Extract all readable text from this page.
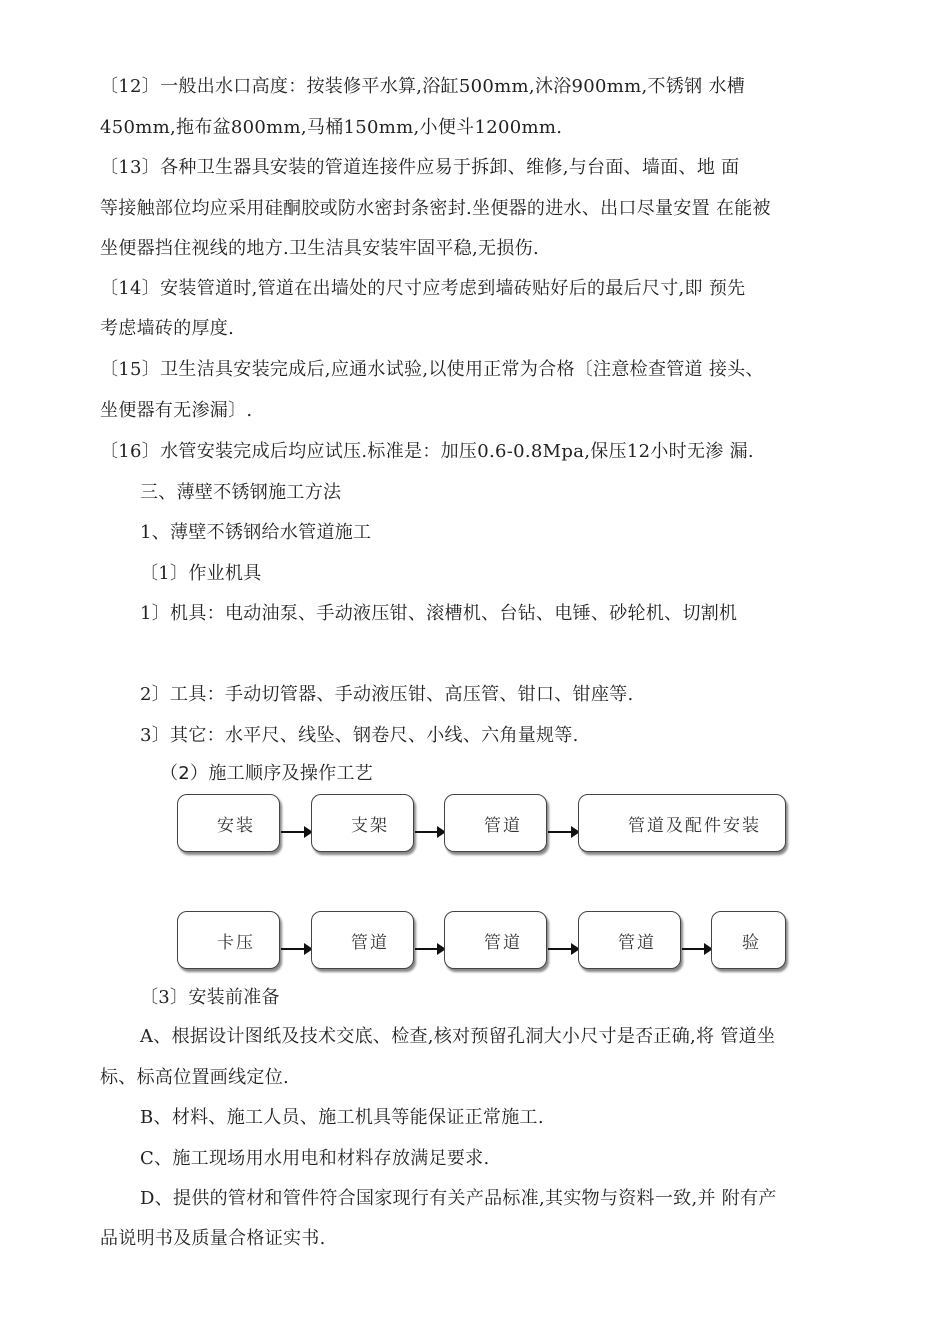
〔12〕一般出水口高度：按装修平水算,浴缸500mm,沐浴900mm,不锈钢 水槽
450mm,拖布盆800mm,马桶150mm,小便斗1200mm.
〔13〕各种卫生器具安装的管道连接件应易于拆卸、维修,与台面、墙面、地 面
等接触部位均应采用硅酮胶或防水密封条密封.坐便器的进水、出口尽量安置 在能被
坐便器挡住视线的地方.卫生洁具安装牢固平稳,无损伤.
〔14〕安装管道时,管道在出墙处的尺寸应考虑到墙砖贴好后的最后尺寸,即 预先
考虑墙砖的厚度.
〔15〕卫生洁具安装完成后,应通水试验,以使用正常为合格〔注意检查管道 接头、
坐便器有无渗漏〕.
〔16〕水管安装完成后均应试压.标准是：加压0.6-0.8Mpa,保压12小时无渗 漏.
三、薄壁不锈钢施工方法
1、薄壁不锈钢给水管道施工
〔1〕作业机具
1〕机具：电动油泵、手动液压钳、滚槽机、台钻、电锤、砂轮机、切割机
2〕工具：手动切管器、手动液压钳、高压管、钳口、钳座等.
3〕其它：水平尺、线坠、钢卷尺、小线、六角量规等.
（2）施工顺序及操作工艺
安装	支架	管道	管道及配件安装
卡压	管道	管道	管道	验
〔3〕安装前准备
A、根据设计图纸及技术交底、检查,核对预留孔洞大小尺寸是否正确,将 管道坐
标、标高位置画线定位.
B、材料、施工人员、施工机具等能保证正常施工.
C、施工现场用水用电和材料存放满足要求.
D、提供的管材和管件符合国家现行有关产品标准,其实物与资料一致,并 附有产
品说明书及质量合格证实书.
